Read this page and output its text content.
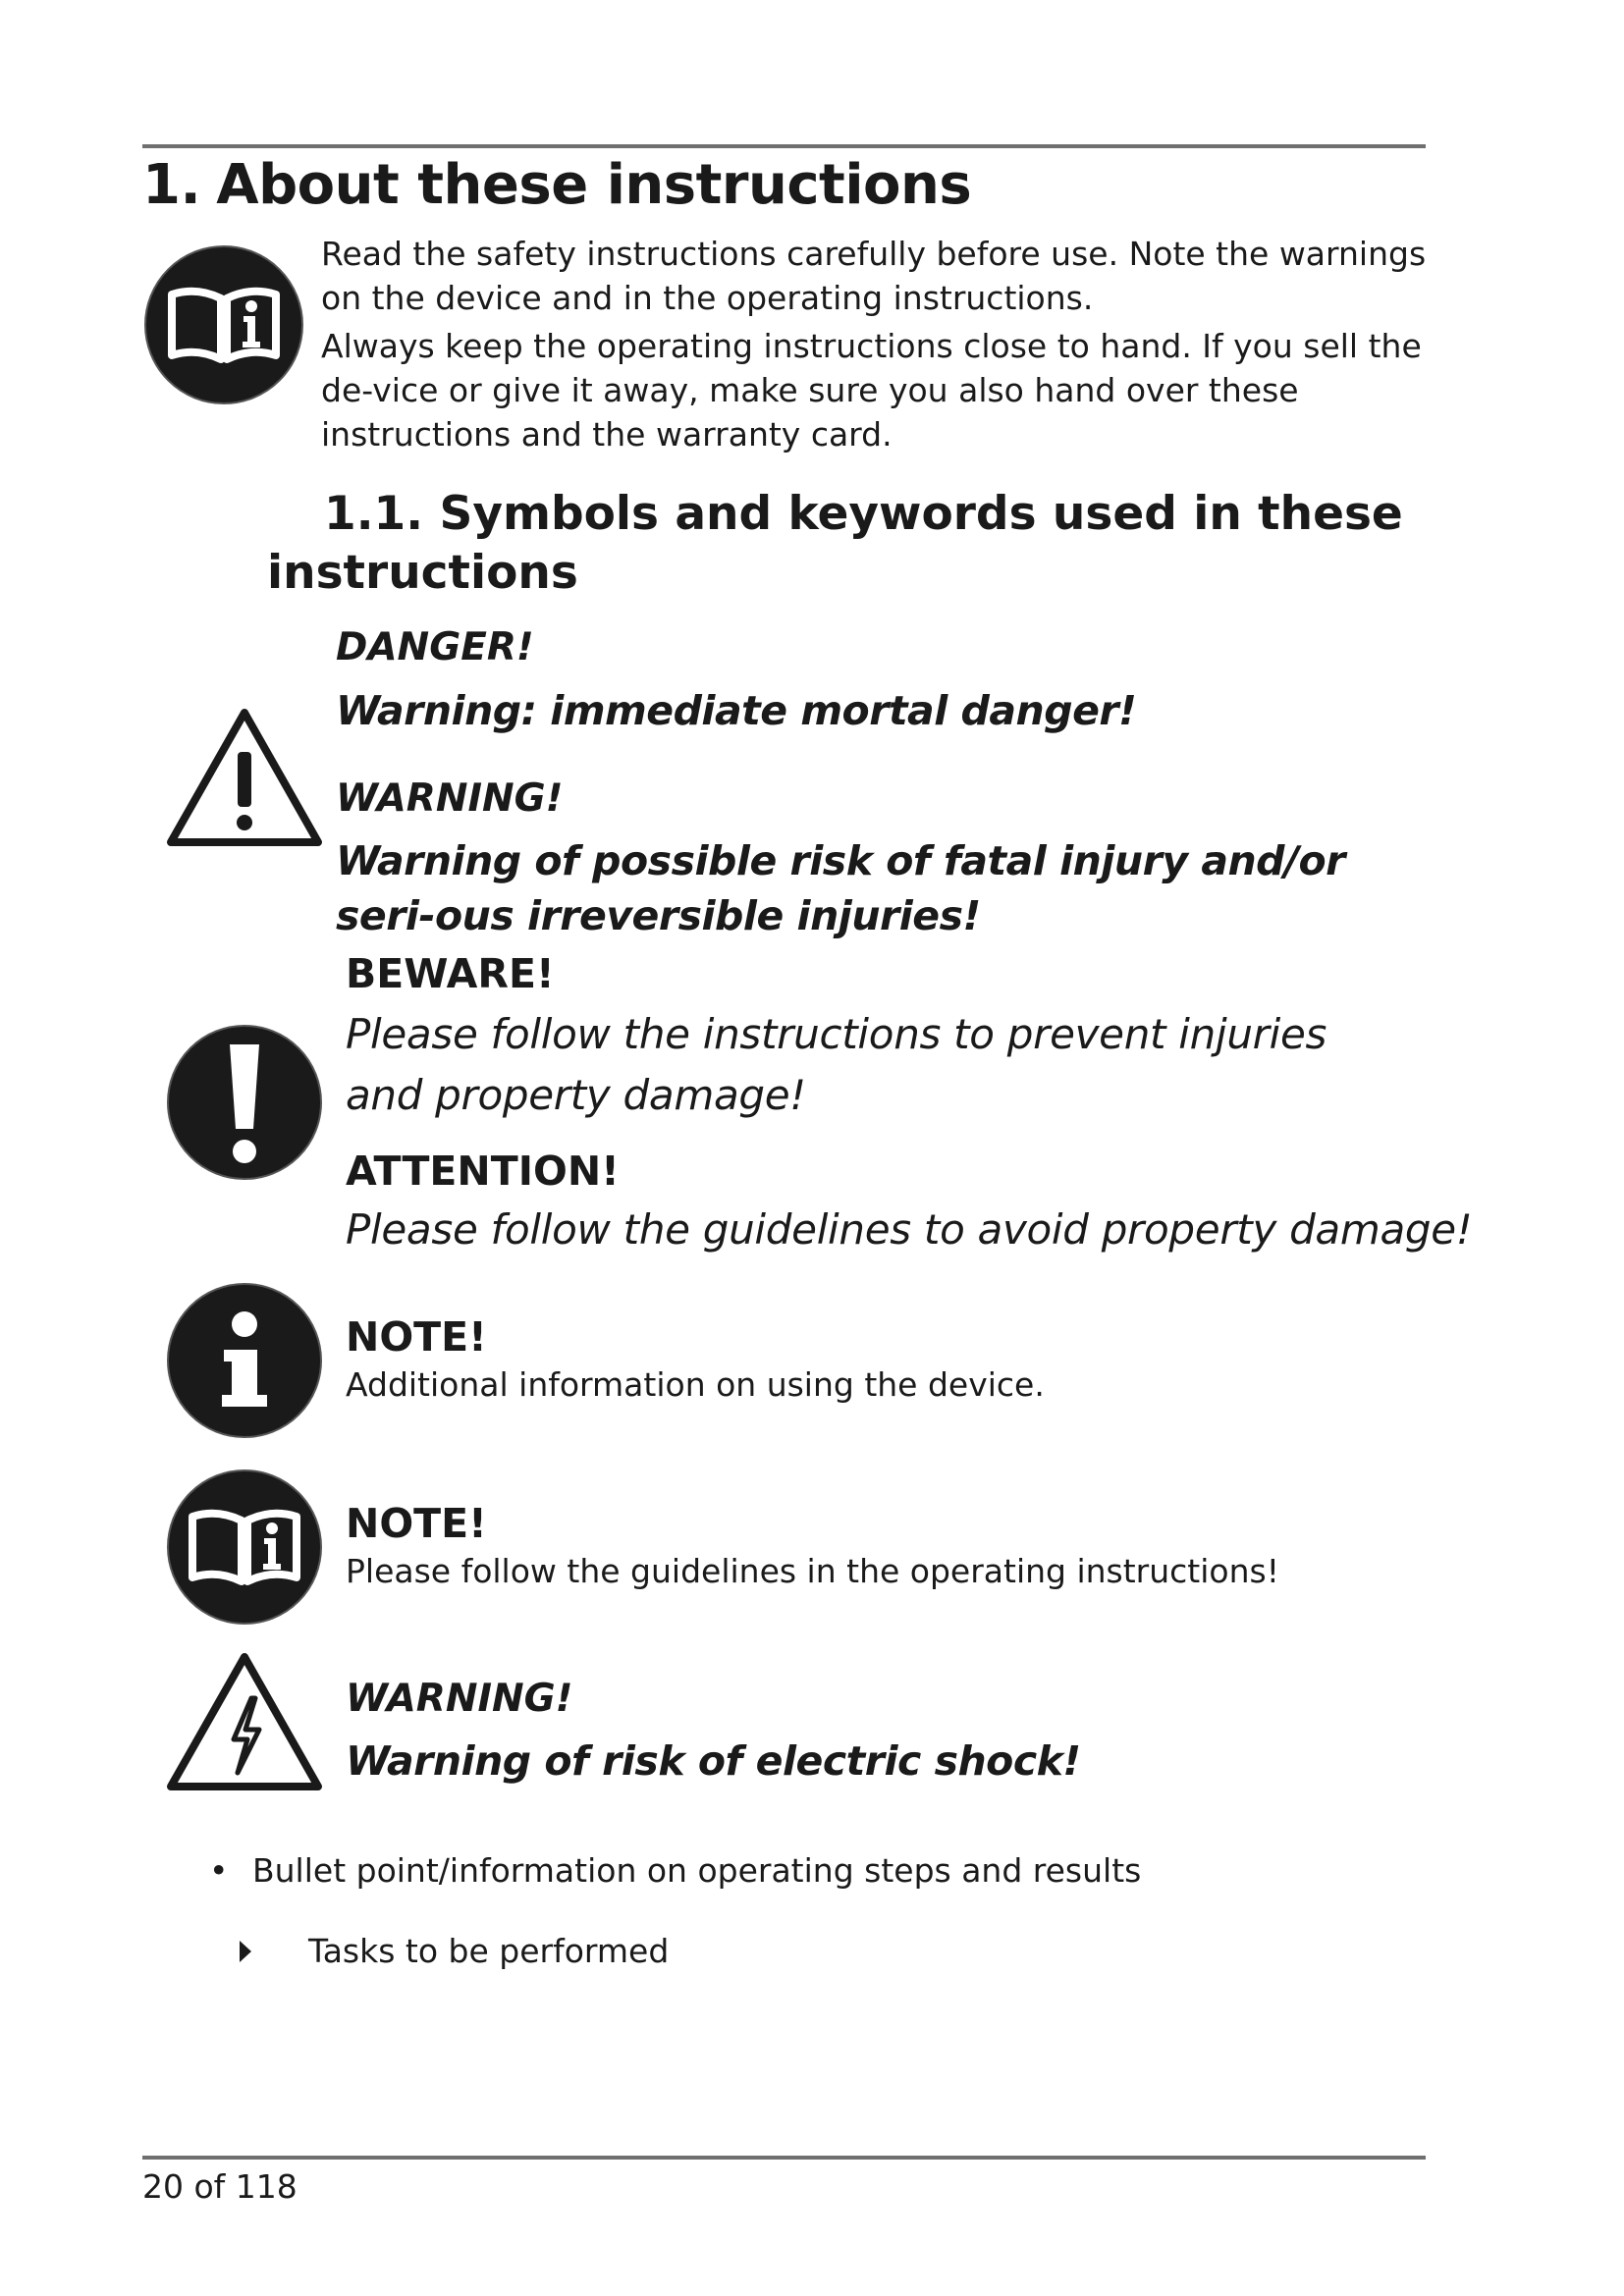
1. About these instructions

Read the safety instructions carefully before use. Note the warnings on the device and in the operating instructions.

Always keep the operating instructions close to hand. If you sell the de-vice or give it away, make sure you also hand over these instructions and the warranty card.

1.1. Symbols and keywords used in these
instructions
DANGER!
Warning: immediate mortal danger!
WARNING!
Warning of possible risk of fatal injury and/or seri-ous irreversible injuries!
BEWARE!
Please follow the instructions to prevent injuries and property damage!
ATTENTION!
Please follow the guidelines to avoid property damage!
NOTE!
Additional information on using the device.
NOTE!
Please follow the guidelines in the operating instructions!
WARNING!
Warning of risk of electric shock!
• Bullet point/information on operating steps and results
Tasks to be performed
20 of 118
